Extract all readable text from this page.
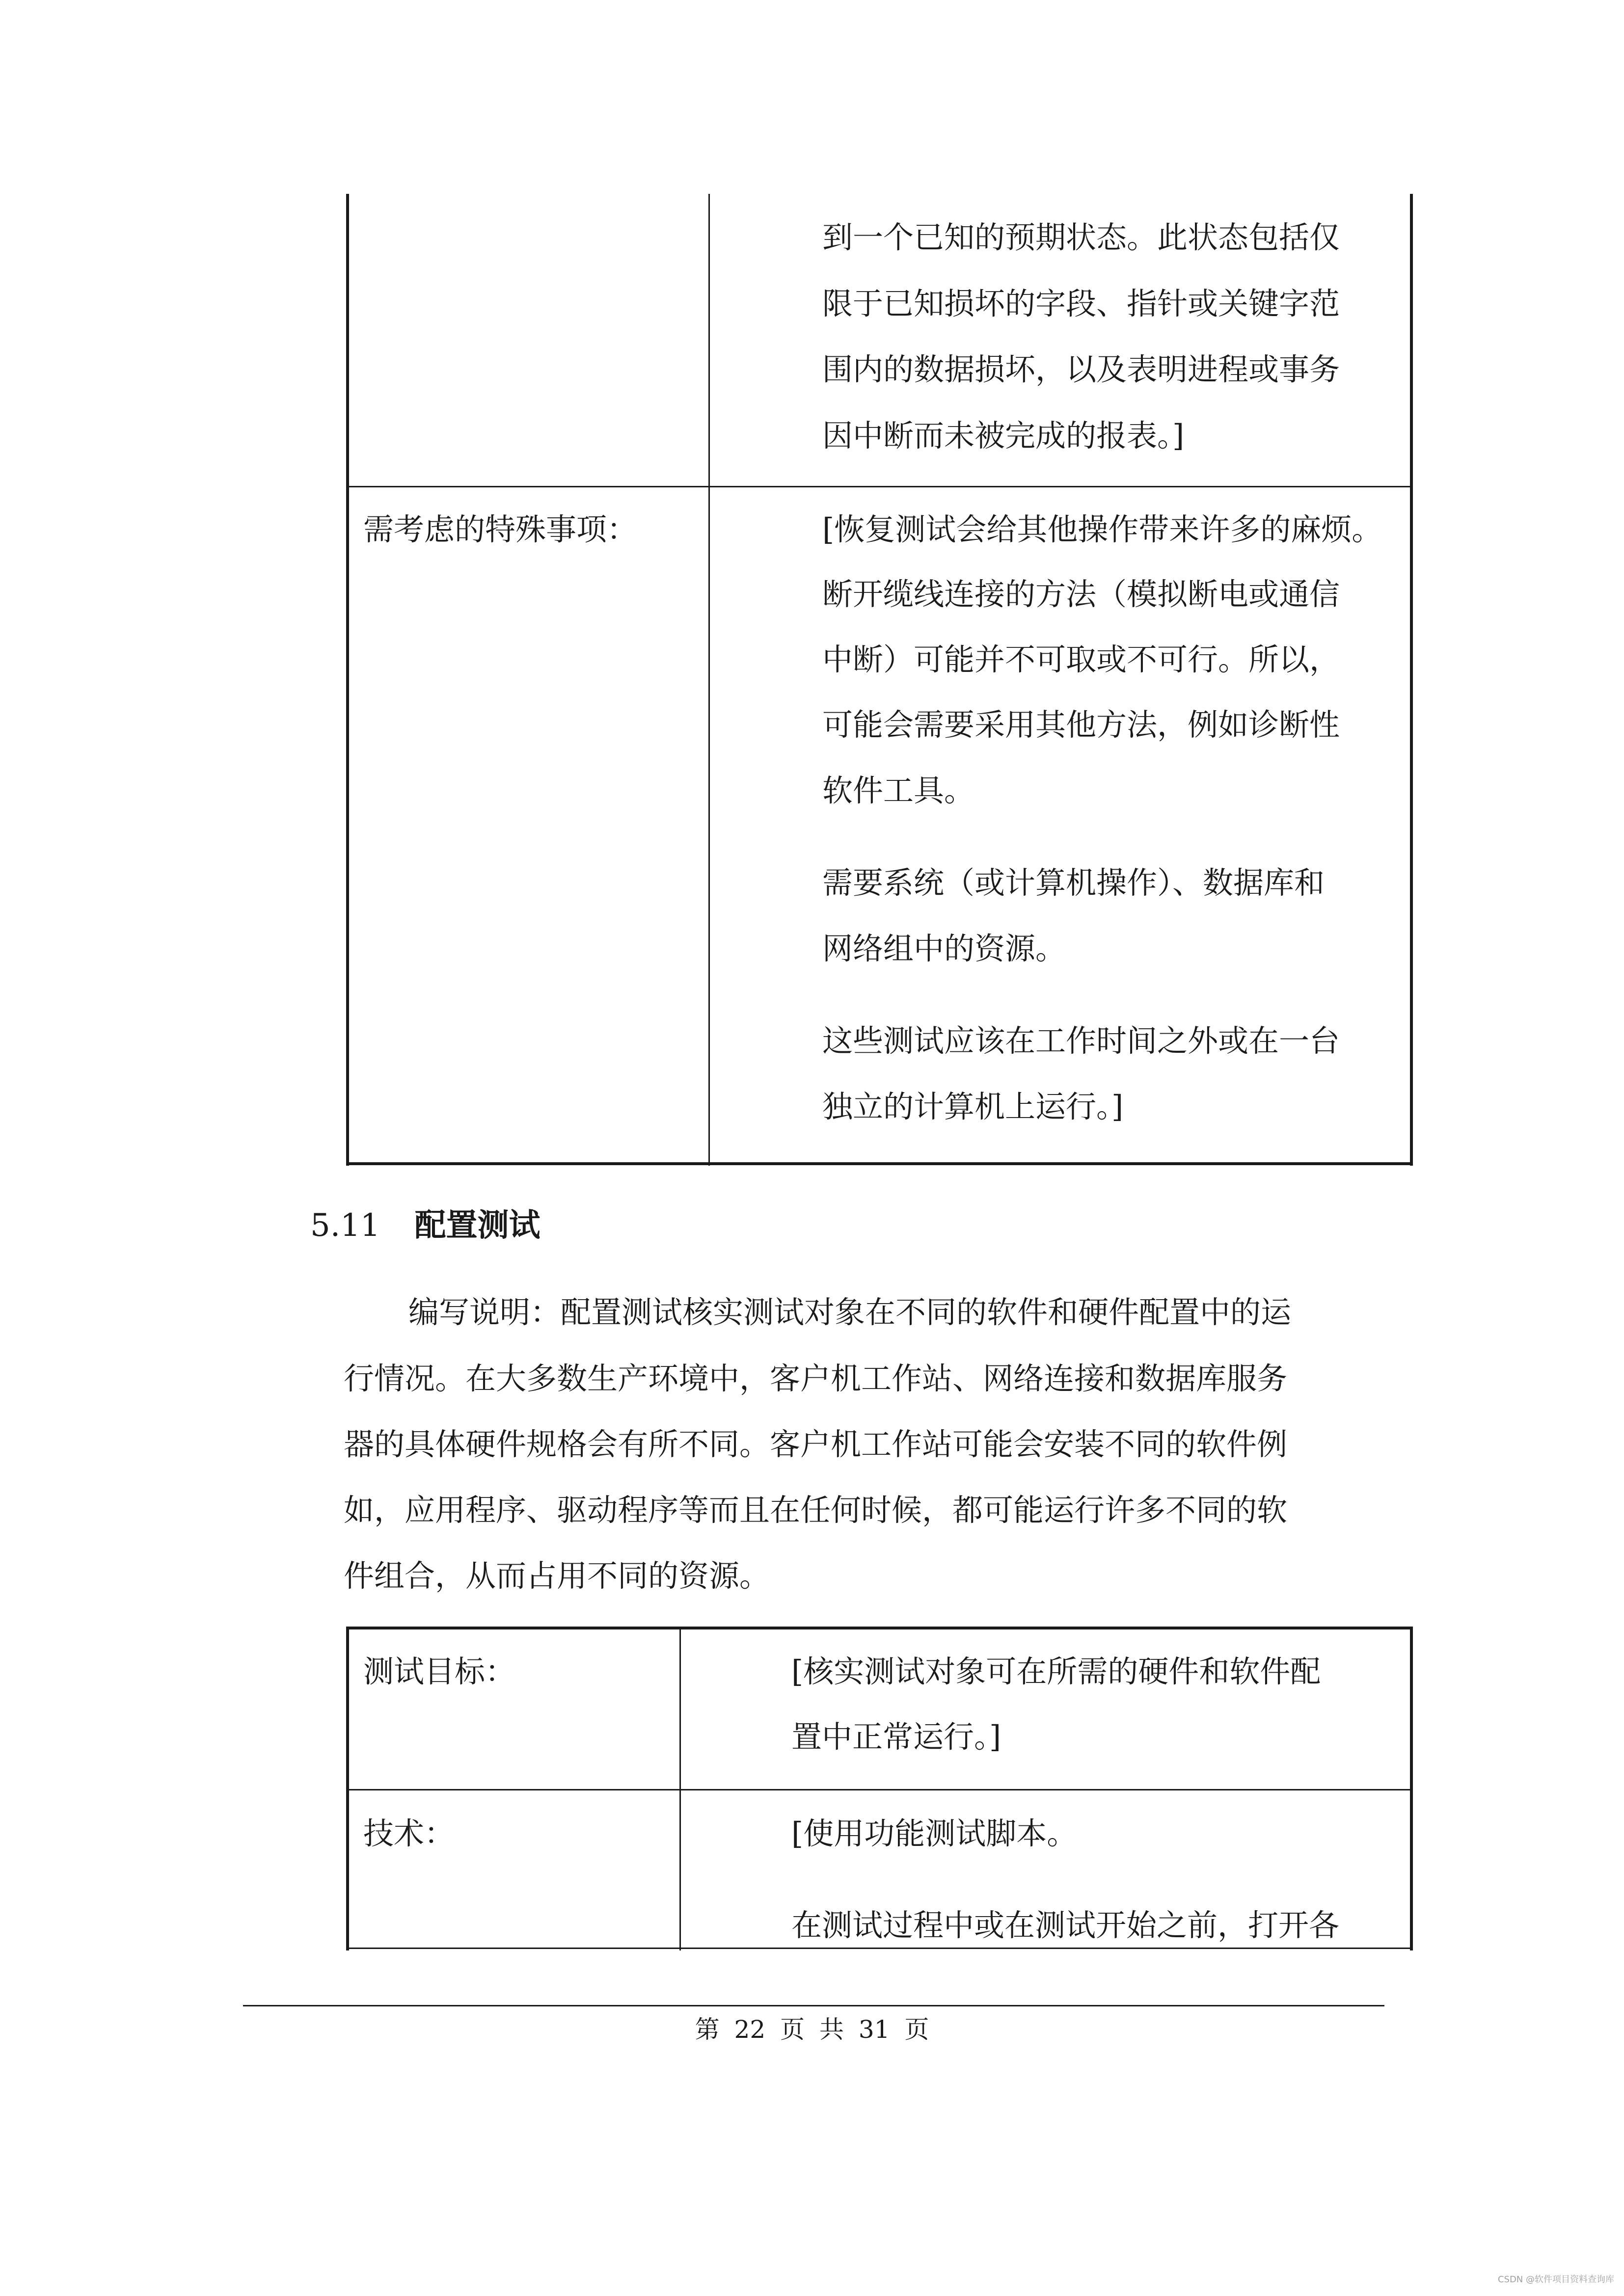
到一个已知的预期状态。此状态包括仅
限于已知损坏的字段、指针或关键字范
围内的数据损坏，以及表明进程或事务
因中断而未被完成的报表。]
需考虑的特殊事项：	[恢复测试会给其他操作带来许多的麻烦。
断开缆线连接的方法（模拟断电或通信
中断）可能并不可取或不可行。所以，
可能会需要采用其他方法，例如诊断性
软件工具。
需要系统（或计算机操作）、数据库和
网络组中的资源。
这些测试应该在工作时间之外或在一台
独立的计算机上运行。]
5.11 配置测试
编写说明：配置测试核实测试对象在不同的软件和硬件配置中的运
行情况。在大多数生产环境中，客户机工作站、网络连接和数据库服务
器的具体硬件规格会有所不同。客户机工作站可能会安装不同的软件例
如，应用程序、驱动程序等而且在任何时候，都可能运行许多不同的软
件组合，从而占用不同的资源。
测试目标：	[核实测试对象可在所需的硬件和软件配
置中正常运行。]
技术：	[使用功能测试脚本。
在测试过程中或在测试开始之前，打开各
第 22 页 共 31 页
CSDN @软件项目资料查询库
